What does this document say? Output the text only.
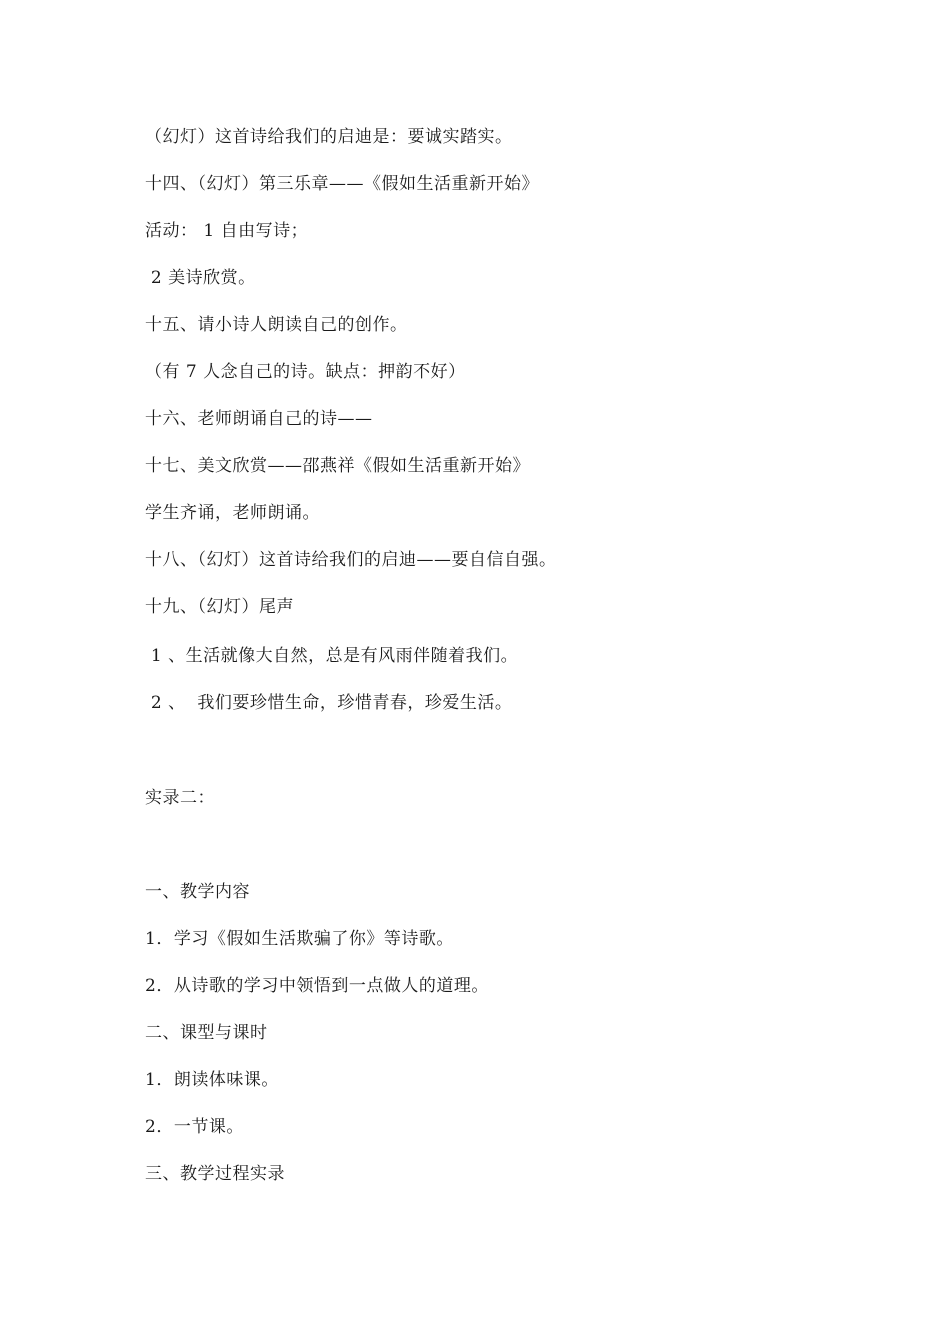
（幻灯）这首诗给我们的启迪是：要诚实踏实。
十四、（幻灯）第三乐章——《假如生活重新开始》
活动： 1 自由写诗；
2 美诗欣赏。
十五、请小诗人朗读自己的创作。
（有 7 人念自己的诗。缺点：押韵不好）
十六、老师朗诵自己的诗——
十七、美文欣赏——邵燕祥《假如生活重新开始》
学生齐诵，老师朗诵。
十八、（幻灯）这首诗给我们的启迪——要自信自强。
十九、（幻灯）尾声
1 、生活就像大自然，总是有风雨伴随着我们。
2 、  我们要珍惜生命，珍惜青春，珍爱生活。
实录二：
一、教学内容
1．学习《假如生活欺骗了你》等诗歌。
2．从诗歌的学习中领悟到一点做人的道理。
二、课型与课时
1．朗读体味课。
2．一节课。
三、教学过程实录
